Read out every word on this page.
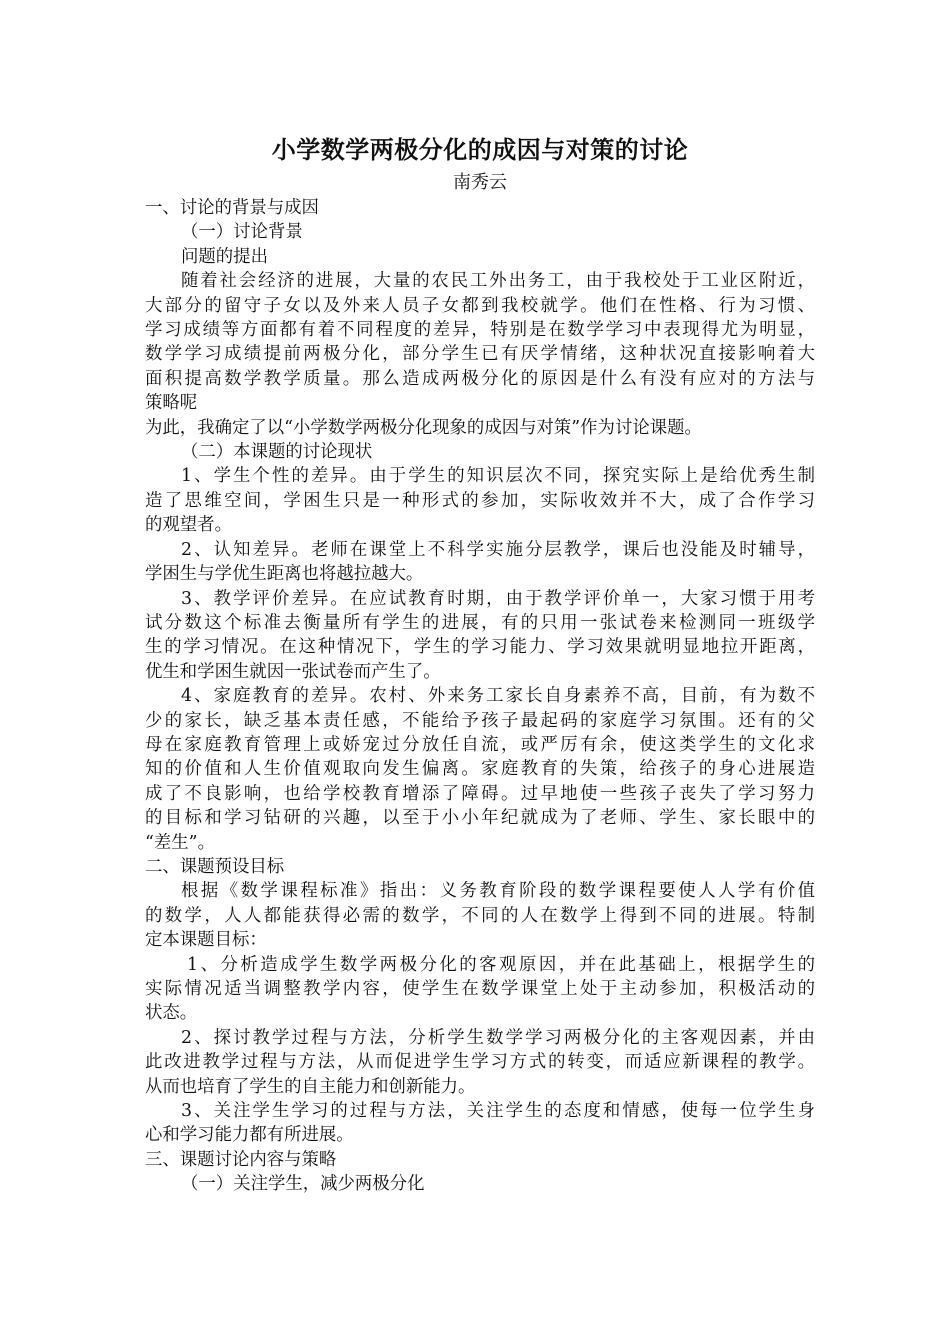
小学数学两极分化的成因与对策的讨论

南秀云

一、讨论的背景与成因

（一）讨论背景

问题的提出

随着社会经济的进展，大量的农民工外出务工，由于我校处于工业区附近，

大部分的留守子女以及外来人员子女都到我校就学。他们在性格、行为习惯、

学习成绩等方面都有着不同程度的差异，特别是在数学学习中表现得尤为明显，

数学学习成绩提前两极分化，部分学生已有厌学情绪，这种状况直接影响着大

面积提高数学教学质量。那么造成两极分化的原因是什么有没有应对的方法与

策略呢

为此，我确定了以“小学数学两极分化现象的成因与对策”作为讨论课题。

（二）本课题的讨论现状

1、学生个性的差异。由于学生的知识层次不同，探究实际上是给优秀生制

造了思维空间，学困生只是一种形式的参加，实际收效并不大，成了合作学习

的观望者。

2、认知差异。老师在课堂上不科学实施分层教学，课后也没能及时辅导，

学困生与学优生距离也将越拉越大。

3、教学评价差异。在应试教育时期，由于教学评价单一，大家习惯于用考

试分数这个标准去衡量所有学生的进展，有的只用一张试卷来检测同一班级学

生的学习情况。在这种情况下，学生的学习能力、学习效果就明显地拉开距离，

优生和学困生就因一张试卷而产生了。

4、家庭教育的差异。农村、外来务工家长自身素养不高，目前，有为数不

少的家长，缺乏基本责任感，不能给予孩子最起码的家庭学习氛围。还有的父

母在家庭教育管理上或娇宠过分放任自流，或严厉有余，使这类学生的文化求

知的价值和人生价值观取向发生偏离。家庭教育的失策，给孩子的身心进展造

成了不良影响，也给学校教育增添了障碍。过早地使一些孩子丧失了学习努力

的目标和学习钻研的兴趣，以至于小小年纪就成为了老师、学生、家长眼中的

“差生”。

二、课题预设目标

根据《数学课程标准》指出：义务教育阶段的数学课程要使人人学有价值

的数学，人人都能获得必需的数学，不同的人在数学上得到不同的进展。特制

定本课题目标：

1、分析造成学生数学两极分化的客观原因，并在此基础上，根据学生的

实际情况适当调整教学内容，使学生在数学课堂上处于主动参加，积极活动的

状态。

2、探讨教学过程与方法，分析学生数学学习两极分化的主客观因素，并由

此改进教学过程与方法，从而促进学生学习方式的转变，而适应新课程的教学。

从而也培育了学生的自主能力和创新能力。

3、关注学生学习的过程与方法，关注学生的态度和情感，使每一位学生身

心和学习能力都有所进展。

三、课题讨论内容与策略

（一）关注学生，减少两极分化
